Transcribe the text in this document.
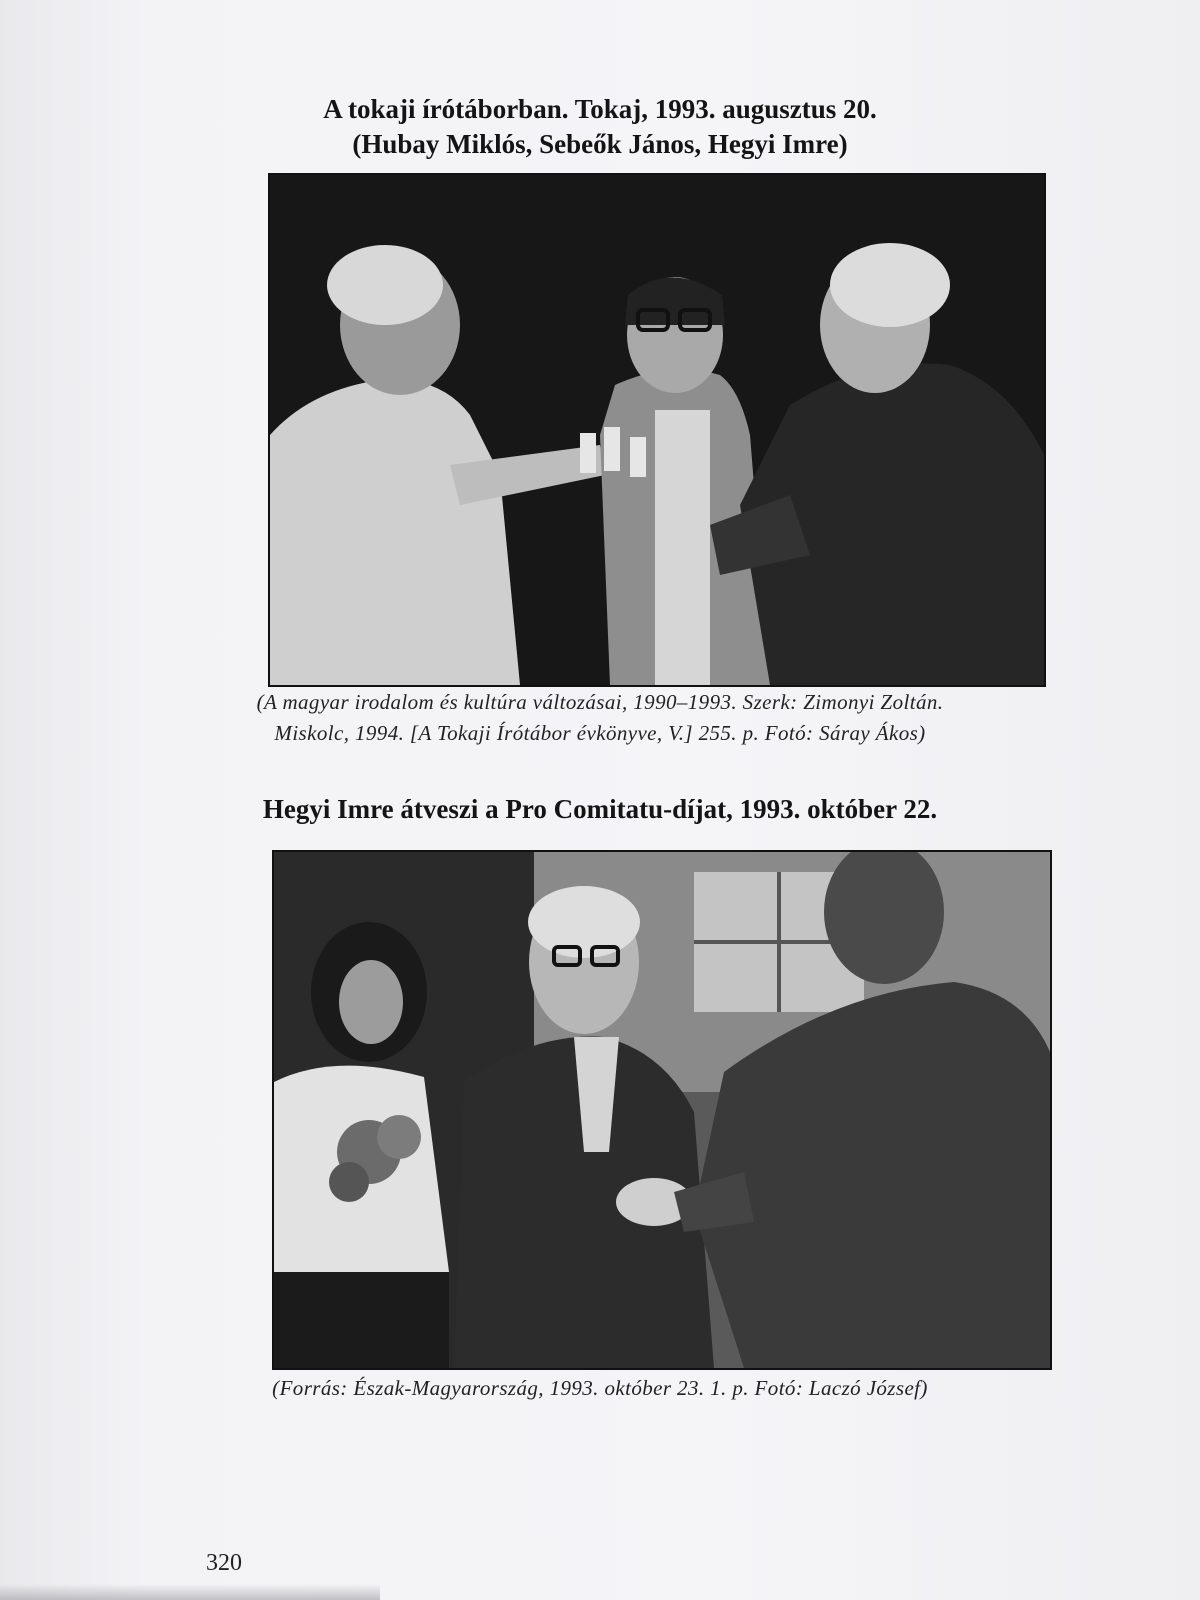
A tokaji írótáborban. Tokaj, 1993. augusztus 20.
(Hubay Miklós, Sebeők János, Hegyi Imre)
(A magyar irodalom és kultúra változásai, 1990–1993. Szerk: Zimonyi Zoltán.
Miskolc, 1994. [A Tokaji Írótábor évkönyve, V.] 255. p. Fotó: Sáray Ákos)
Hegyi Imre átveszi a Pro Comitatu-díjat, 1993. október 22.
(Forrás: Észak-Magyarország, 1993. október 23. 1. p. Fotó: Laczó József)
320
